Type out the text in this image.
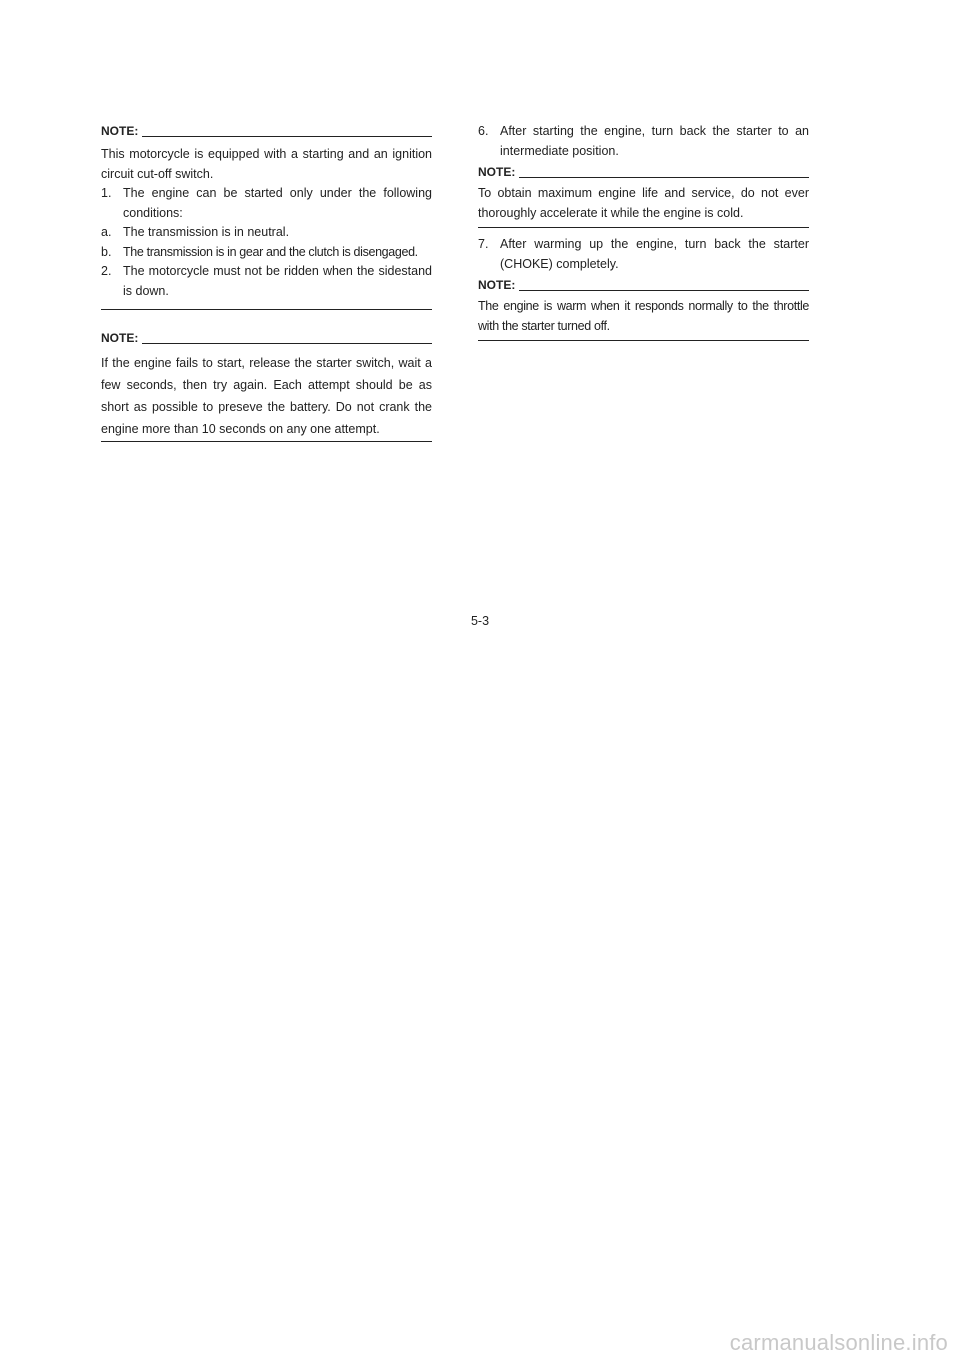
NOTE:

This motorcycle is equipped with a starting and an ignition circuit cut-off switch.

1. The engine can be started only under the following conditions:
a. The transmission is in neutral.
b. The transmission is in gear and the clutch is disengaged.
2. The motorcycle must not be ridden when the sidestand is down.
NOTE:

If the engine fails to start, release the starter switch, wait a few seconds, then try again. Each attempt should be as short as possible to preseve the battery. Do not crank the engine more than 10 seconds on any one attempt.

6. After starting the engine, turn back the starter to an intermediate position.
NOTE:

To obtain maximum engine life and service, do not ever thoroughly accelerate it while the engine is cold.

7. After warming up the engine, turn back the starter (CHOKE) completely.
NOTE:

The engine is warm when it responds normally to the throttle with the starter turned off.

5-3
carmanualsonline.info
